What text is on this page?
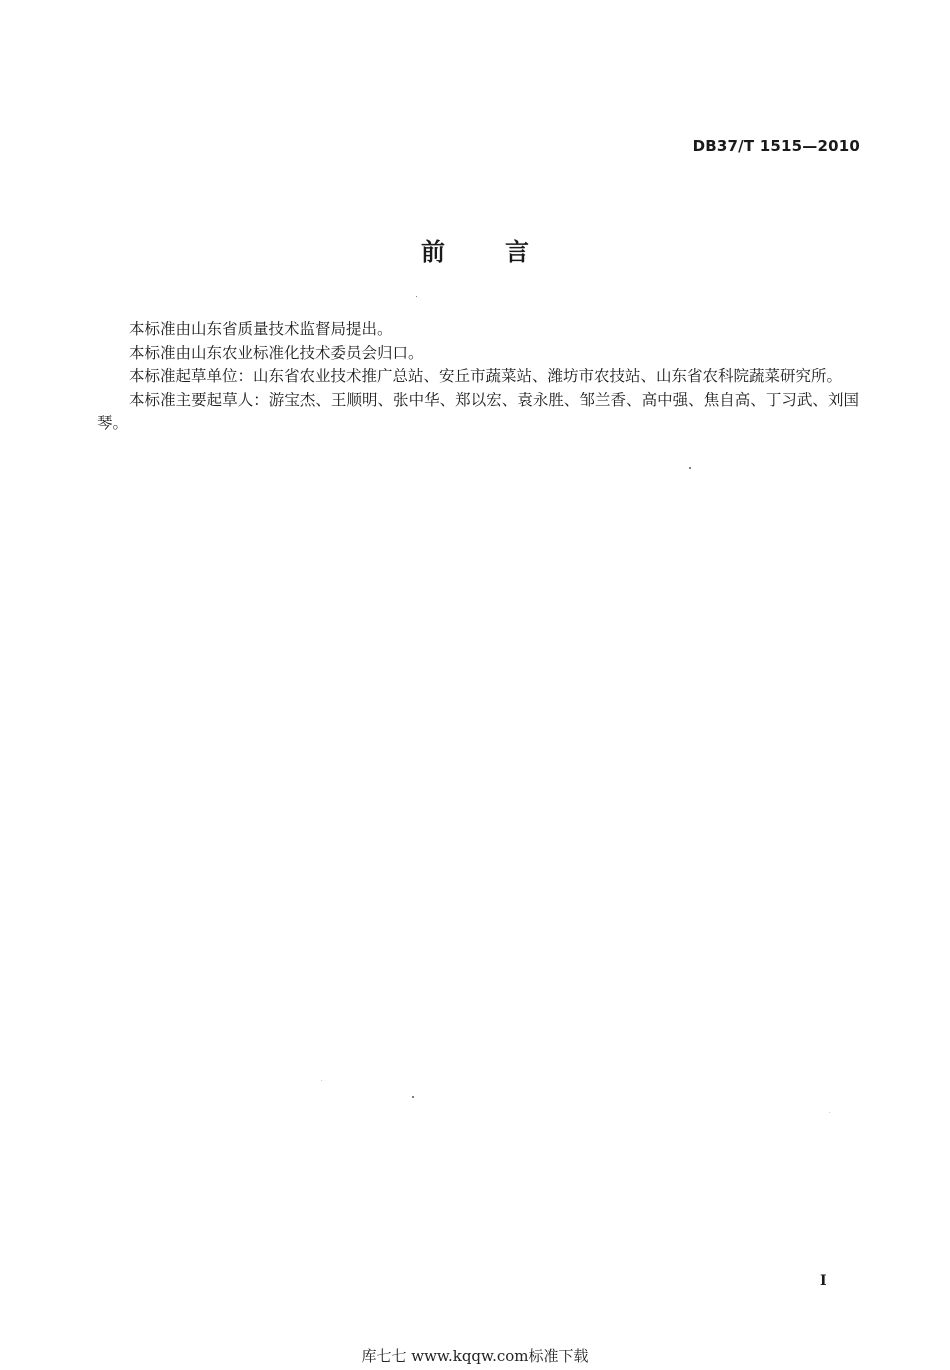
DB37/T 1515—2010
前	言

本标准由山东省质量技术监督局提出。

本标准由山东农业标准化技术委员会归口。

本标准起草单位：山东省农业技术推广总站、安丘市蔬菜站、潍坊市农技站、山东省农科院蔬菜研究所。

本标准主要起草人：游宝杰、王顺明、张中华、郑以宏、袁永胜、邹兰香、高中强、焦自高、丁习武、刘国琴。

I
库七七 www.kqqw.com标准下载
